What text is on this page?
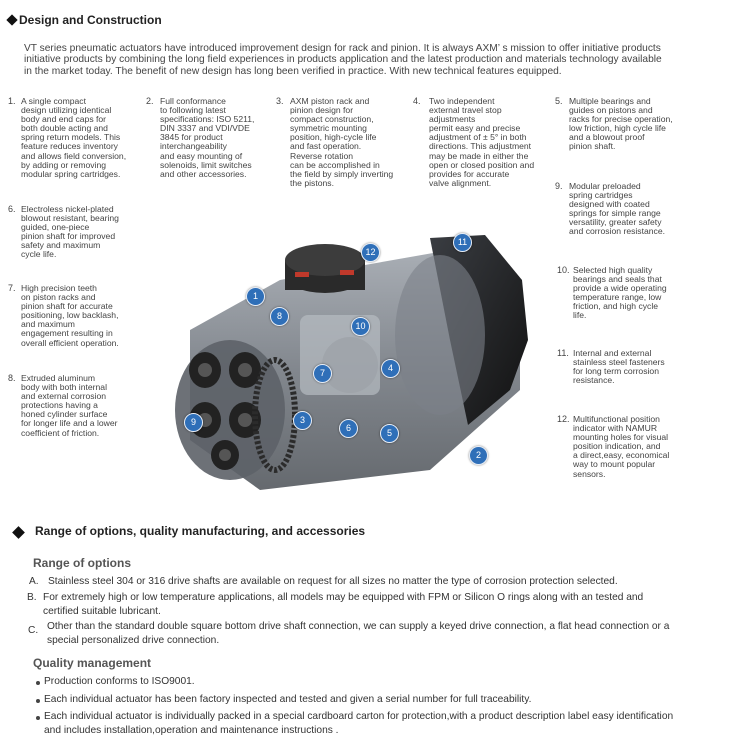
Design and Construction
VT series pneumatic actuators have introduced improvement design for rack and pinion. It is always AXM’ s mission to offer initiative products
initiative products by combining the long field experiences in products application and the latest production and materials technology available
in the market today. The benefit of new design has long been verified in practice. With new technical features equipped.
1. A single compact
design utilizing identical
body and end caps for
both double acting and
spring return models. This
feature reduces inventory
and allows field conversion,
by adding or removing
modular spring cartridges.
2. Full conformance
to following latest
specifications: ISO 5211,
DIN 3337 and VDI/VDE
3845 for product
interchangeability
and easy mounting of
solenoids, limit switches
and other accessories.
3. AXM piston rack and
pinion design for
compact construction,
symmetric mounting
position, high-cycle life
and fast operation.
Reverse rotation
can be accomplished in
the field by simply inverting
the pistons.
4. Two independent
external travel stop
adjustments
permit easy and precise
adjustment of ± 5° in both
directions. This adjustment
may be made in either the
open or closed position and
provides for accurate
valve alignment.
5. Multiple bearings and
guides on pistons and
racks for precise operation,
low friction, high cycle life
and a blowout proof
pinion shaft.
6. Electroless nickel-plated
blowout resistant, bearing
guided, one-piece
pinion shaft for improved
safety and maximum
cycle life.
7. High precision teeth
on piston racks and
pinion shaft for accurate
positioning, low backlash,
and maximum
engagement resulting in
overall efficient operation.
8. Extruded aluminum
body with both internal
and external corrosion
protections having a
honed cylinder surface
for longer life and a lower
coefficient of friction.
9. Modular preloaded
spring cartridges
designed with coated
springs for simple range
versatility, greater safety
and corrosion resistance.
10. Selected high quality
bearings and seals that
provide a wide operating
temperature range, low
friction, and high cycle
life.
11. Internal and external
stainless steel fasteners
for long term corrosion
resistance.
12. Multifunctional position
indicator with NAMUR
mounting holes for visual
position indication, and
a direct,easy, economical
way to mount popular
sensors.
1
2
3
4
5
6
7
8
9
10
11
12
Range of options, quality manufacturing, and accessories
Range of options
A. Stainless steel 304 or 316 drive shafts are available on request for all sizes no matter the type of corrosion protection selected.
B. For extremely high or low temperature applications, all models may be equipped with FPM or Silicon O rings along with an tested and
certified suitable lubricant.
C. Other than the standard double square bottom drive shaft connection, we can supply a keyed drive connection, a flat head connection or a
special personalized drive connection.
Quality management
Production conforms to ISO9001.
Each individual actuator has been factory inspected and tested and given a serial number for full traceability.
Each individual actuator is individually packed in a special cardboard carton for protection,with a product description label easy identification
and includes installation,operation and maintenance instructions .
